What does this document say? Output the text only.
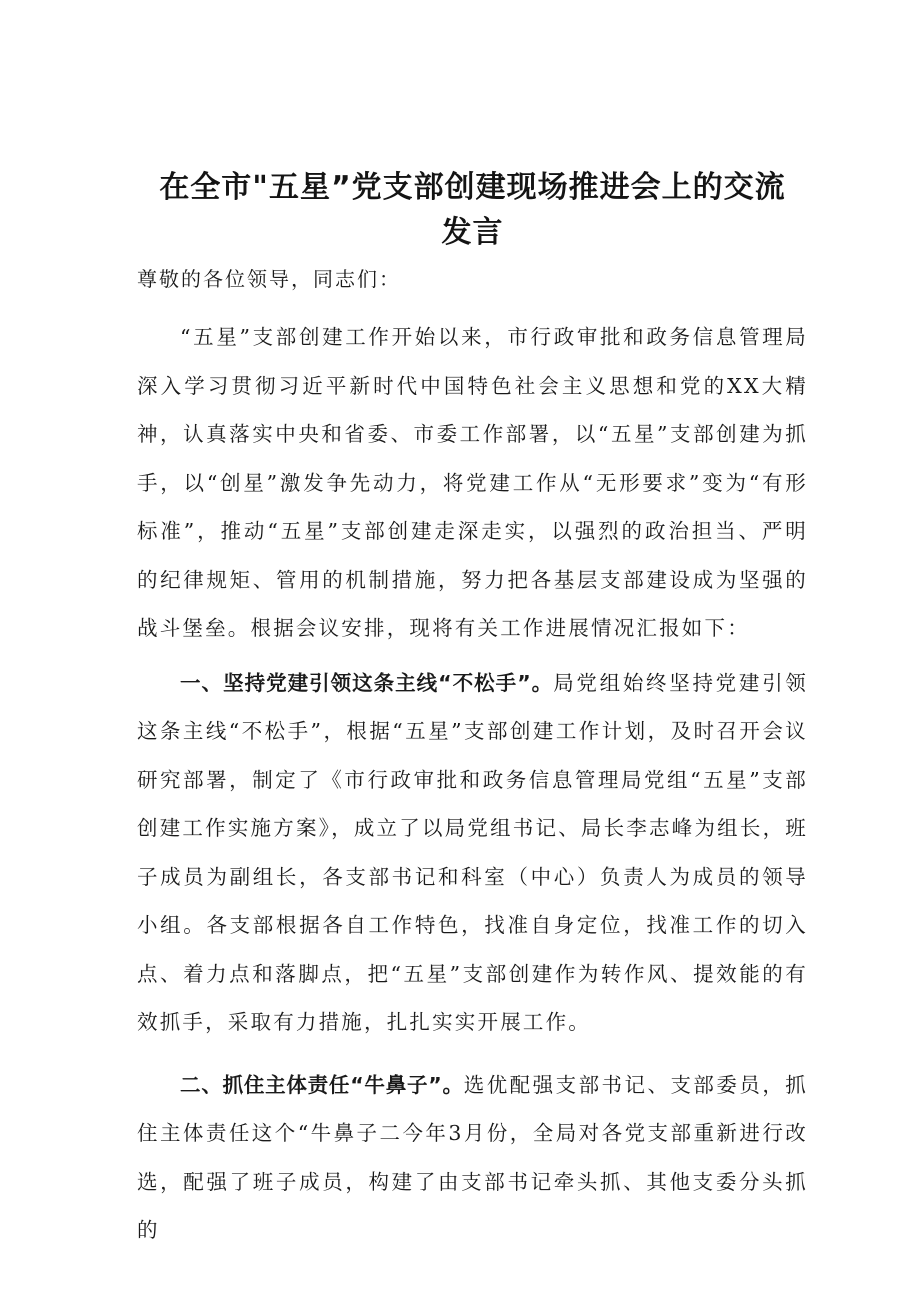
在全市"五星”党支部创建现场推进会上的交流
发言

尊敬的各位领导，同志们：

“五星”支部创建工作开始以来，市行政审批和政务信息管理局深入学习贯彻习近平新时代中国特色社会主义思想和党的XX大精神，认真落实中央和省委、市委工作部署，以“五星”支部创建为抓手，以“创星”激发争先动力，将党建工作从“无形要求”变为“有形标准”，推动“五星”支部创建走深走实，以强烈的政治担当、严明的纪律规矩、管用的机制措施，努力把各基层支部建设成为坚强的战斗堡垒。根据会议安排，现将有关工作进展情况汇报如下：

一、坚持党建引领这条主线“不松手”。局党组始终坚持党建引领这条主线“不松手”，根据“五星”支部创建工作计划，及时召开会议研究部署，制定了《市行政审批和政务信息管理局党组“五星”支部创建工作实施方案》，成立了以局党组书记、局长李志峰为组长，班子成员为副组长，各支部书记和科室（中心）负责人为成员的领导小组。各支部根据各自工作特色，找准自身定位，找准工作的切入点、着力点和落脚点，把“五星”支部创建作为转作风、提效能的有效抓手，采取有力措施，扎扎实实开展工作。

二、抓住主体责任“牛鼻子”。选优配强支部书记、支部委员，抓住主体责任这个“牛鼻子二今年3月份，全局对各党支部重新进行改选，配强了班子成员，构建了由支部书记牵头抓、其他支委分头抓的
